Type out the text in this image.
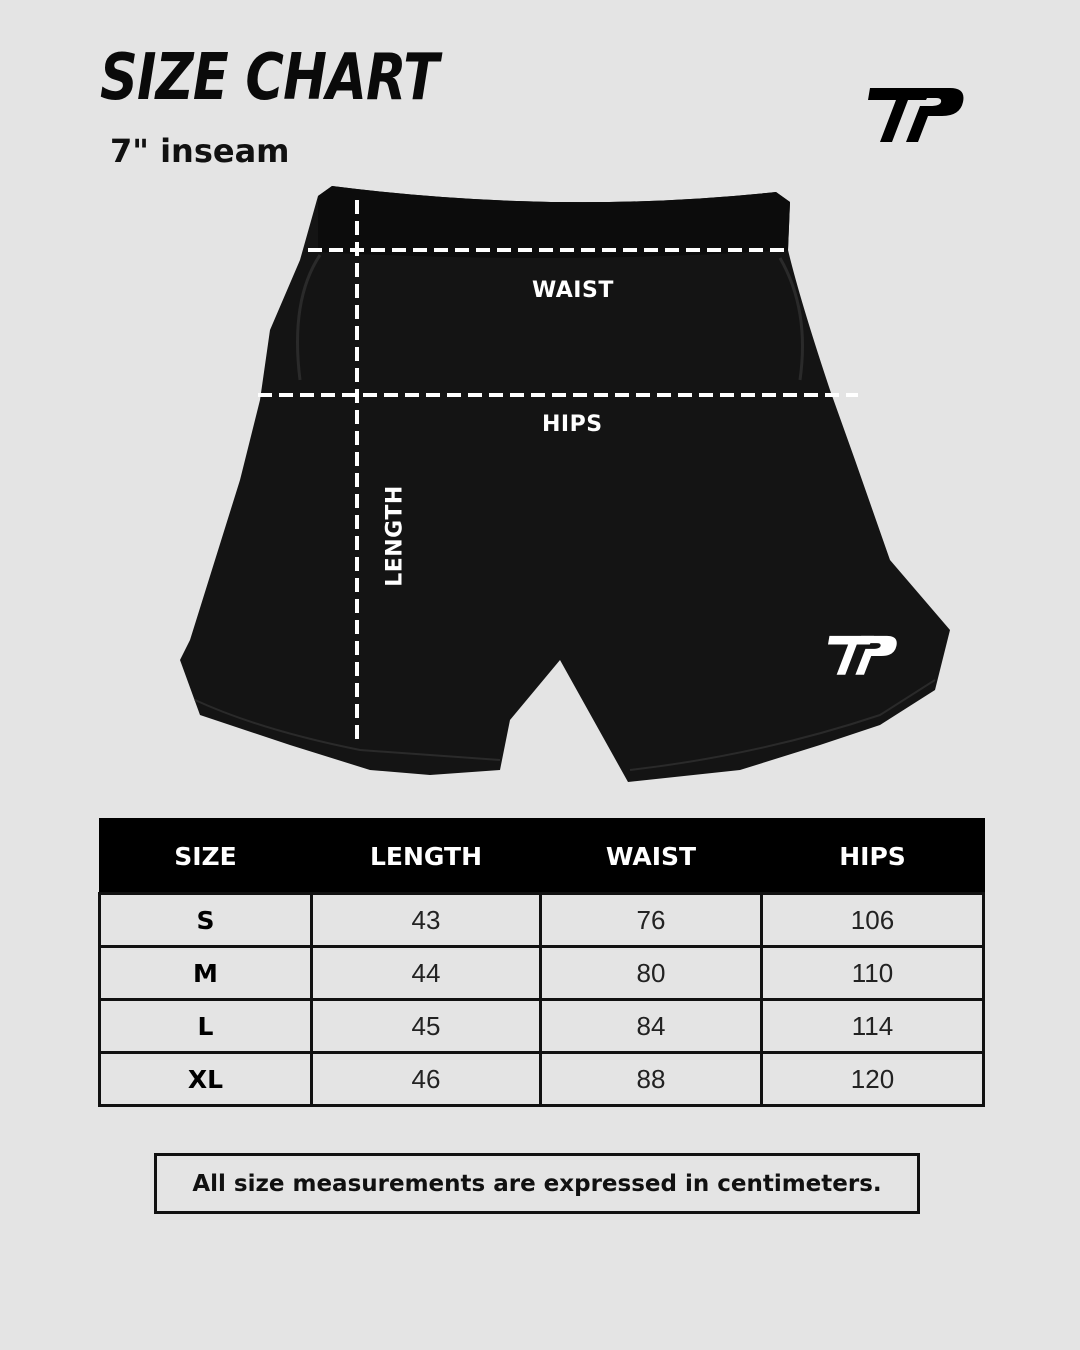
SIZE CHART
7" inseam
WAIST
HIPS
LENGTH
SIZE	LENGTH	WAIST	HIPS
S	43	76	106
M	44	80	110
L	45	84	114
XL	46	88	120
All size measurements are expressed in centimeters.
